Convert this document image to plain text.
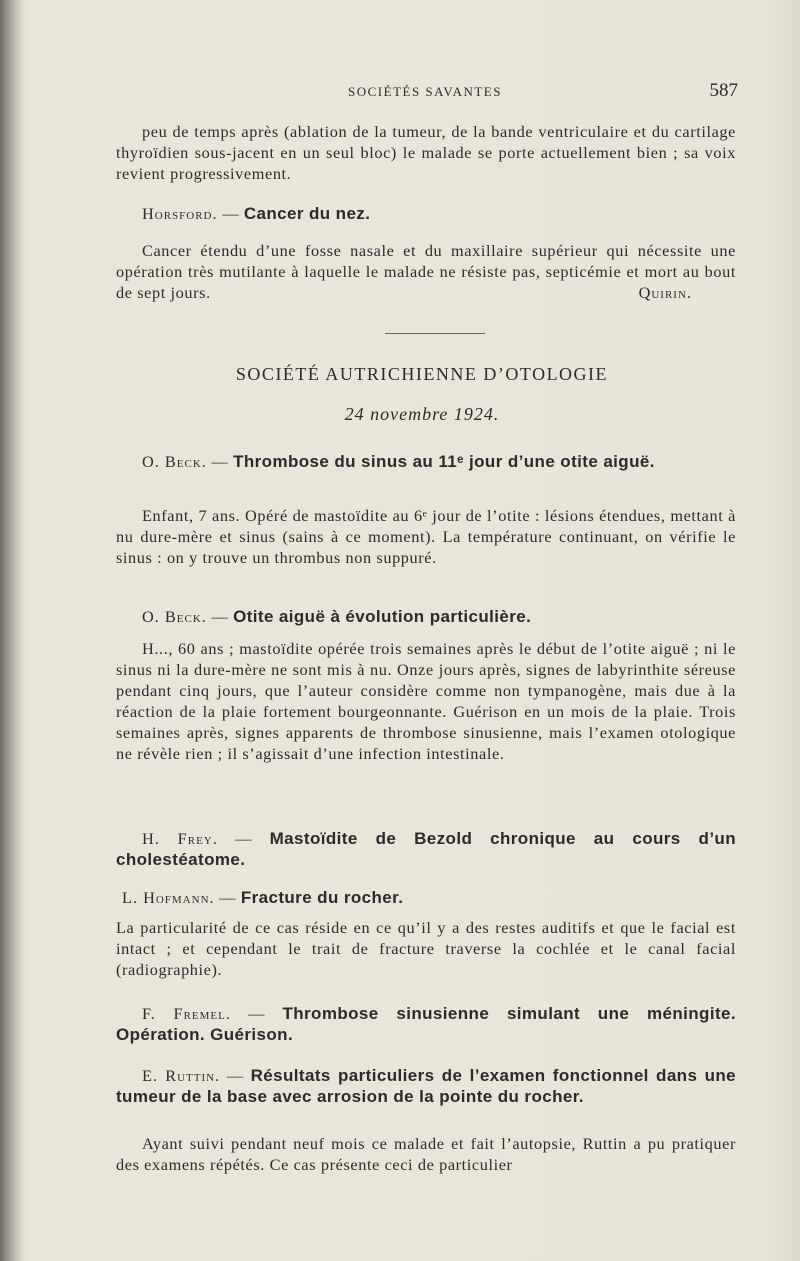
SOCIÉTÉS SAVANTES	587

peu de temps après (ablation de la tumeur, de la bande ventriculaire et du cartilage thyroïdien sous-jacent en un seul bloc) le malade se porte actuellement bien ; sa voix revient progressivement.

Horsford. — Cancer du nez.
Cancer étendu d’une fosse nasale et du maxillaire supérieur qui nécessite une opération très mutilante à laquelle le malade ne résiste pas, septicémie et mort au bout de sept jours.	Quirin.
SOCIÉTÉ AUTRICHIENNE D’OTOLOGIE
24 novembre 1924.
O. Beck. — Thrombose du sinus au 11ᵉ jour d’une otite aiguë.

Enfant, 7 ans. Opéré de mastoïdite au 6ᵉ jour de l’otite : lésions étendues, mettant à nu dure-mère et sinus (sains à ce moment). La température continuant, on vérifie le sinus : on y trouve un thrombus non suppuré.

O. Beck. — Otite aiguë à évolution particulière.

H..., 60 ans ; mastoïdite opérée trois semaines après le début de l’otite aiguë ; ni le sinus ni la dure-mère ne sont mis à nu. Onze jours après, signes de labyrinthite séreuse pendant cinq jours, que l’auteur considère comme non tympanogène, mais due à la réaction de la plaie fortement bourgeonnante. Guérison en un mois de la plaie. Trois semaines après, signes apparents de thrombose sinusienne, mais l’examen otologique ne révèle rien ; il s’agissait d’une infection intestinale.

H. Frey. — Mastoïdite de Bezold chronique au cours d’un cholestéatome.
L. Hofmann. — Fracture du rocher.

La particularité de ce cas réside en ce qu’il y a des restes auditifs et que le facial est intact ; et cependant le trait de fracture traverse la cochlée et le canal facial (radiographie).

F. Fremel. — Thrombose sinusienne simulant une méningite. Opération. Guérison.
E. Ruttin. — Résultats particuliers de l’examen fonctionnel dans une tumeur de la base avec arrosion de la pointe du rocher.

Ayant suivi pendant neuf mois ce malade et fait l’autopsie, Ruttin a pu pratiquer des examens répétés. Ce cas présente ceci de particulier
